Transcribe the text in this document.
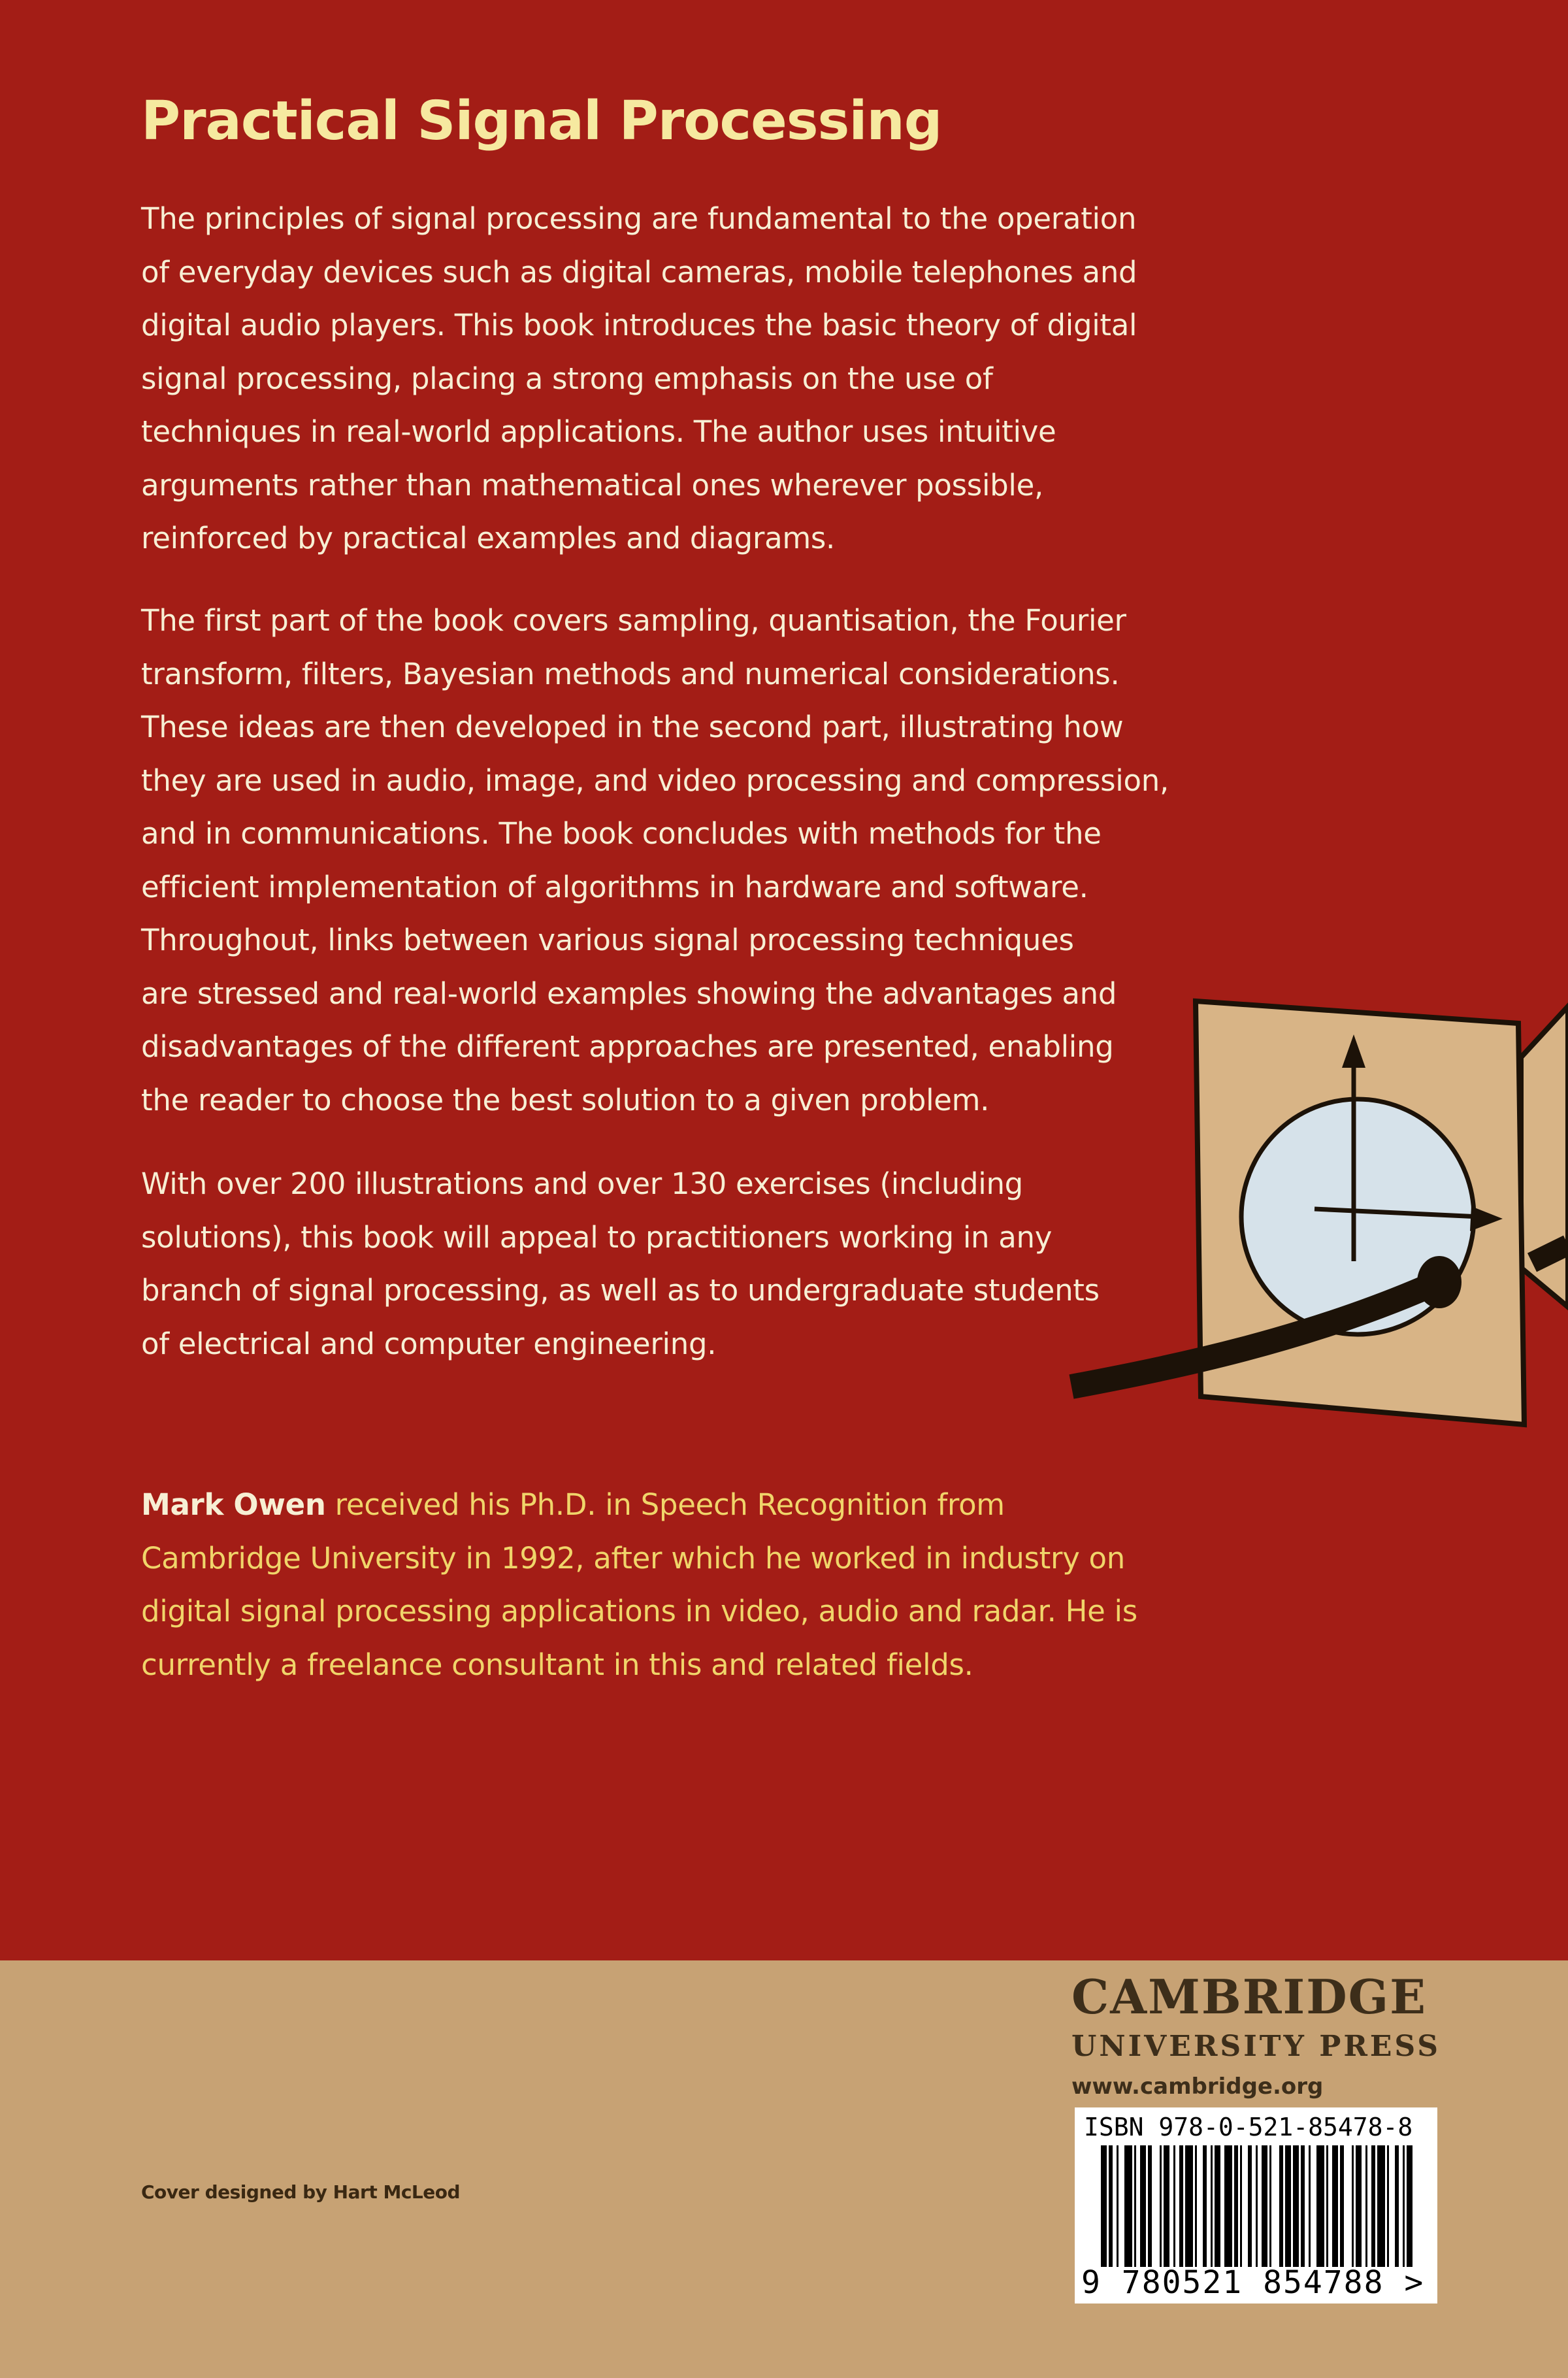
Practical Signal Processing
The principles of signal processing are fundamental to the operation
of everyday devices such as digital cameras, mobile telephones and
digital audio players. This book introduces the basic theory of digital
signal processing, placing a strong emphasis on the use of
techniques in real-world applications. The author uses intuitive
arguments rather than mathematical ones wherever possible,
reinforced by practical examples and diagrams.
The first part of the book covers sampling, quantisation, the Fourier
transform, filters, Bayesian methods and numerical considerations.
These ideas are then developed in the second part, illustrating how
they are used in audio, image, and video processing and compression,
and in communications. The book concludes with methods for the
efficient implementation of algorithms in hardware and software.
Throughout, links between various signal processing techniques
are stressed and real-world examples showing the advantages and
disadvantages of the different approaches are presented, enabling
the reader to choose the best solution to a given problem.
With over 200 illustrations and over 130 exercises (including
solutions), this book will appeal to practitioners working in any
branch of signal processing, as well as to undergraduate students
of electrical and computer engineering.
Mark Owen received his Ph.D. in Speech Recognition from
Cambridge University in 1992, after which he worked in industry on
digital signal processing applications in video, audio and radar. He is
currently a freelance consultant in this and related fields.

Cover designed by Hart McLeod

CAMBRIDGE
UNIVERSITY PRESS
www.cambridge.org

ISBN 978-0-521-85478-8

9 780521 854788 >
